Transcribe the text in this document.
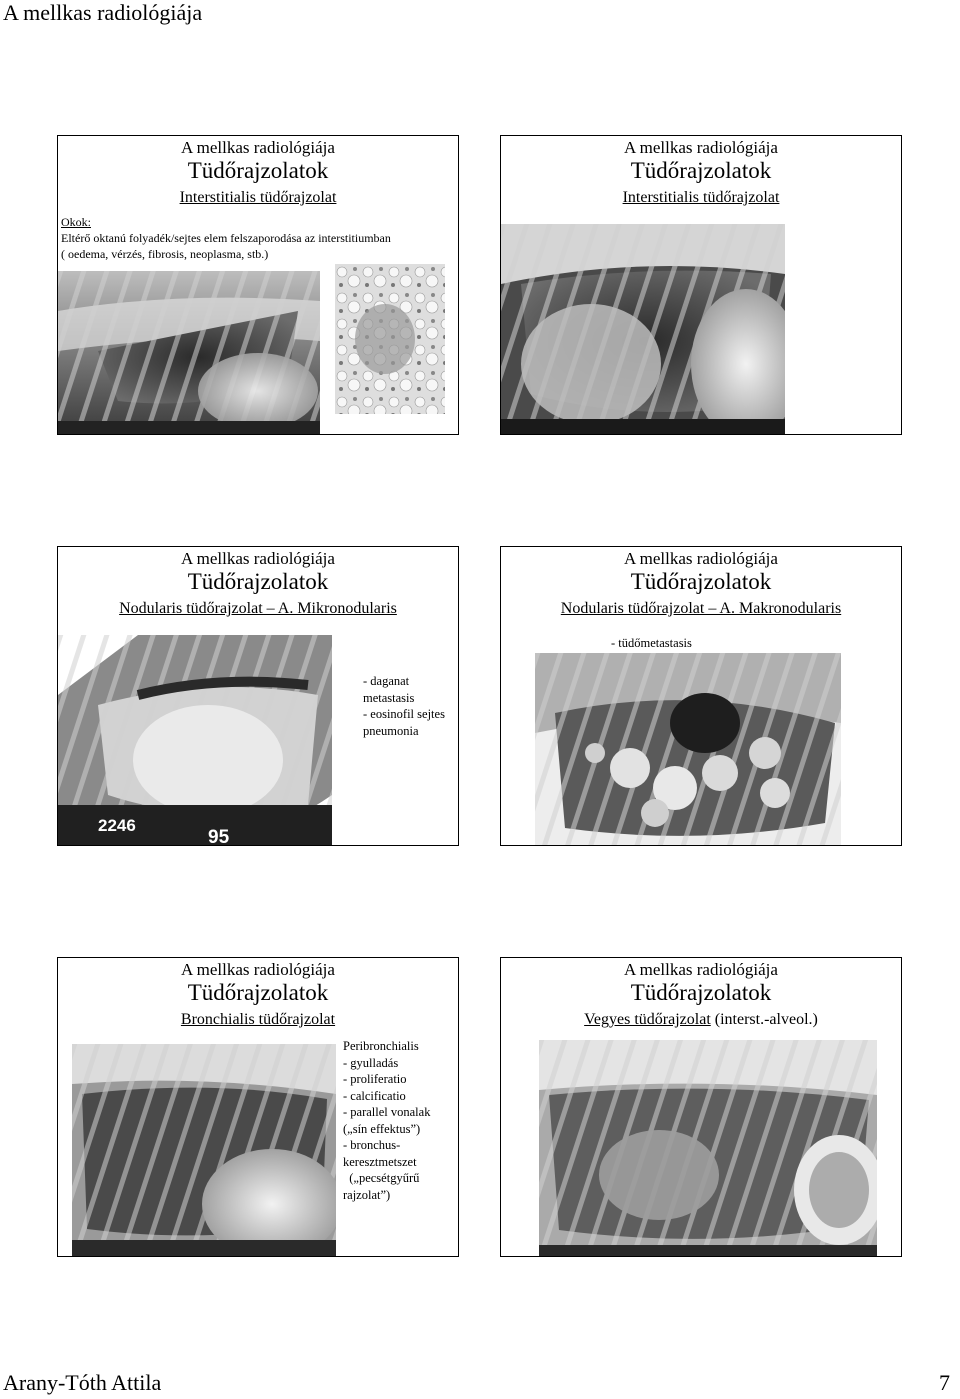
A mellkas radiológiája
A mellkas radiológiája
Tüdőrajzolatok
Interstitialis tüdőrajzolat
Okok:
Eltérő oktanú folyadék/sejtes elem felszaporodása az interstitiumban
( oedema, vérzés, fibrosis, neoplasma, stb.)
A mellkas radiológiája
Tüdőrajzolatok
Interstitialis tüdőrajzolat
A mellkas radiológiája
Tüdőrajzolatok
Nodularis tüdőrajzolat – A. Mikronodularis
2246
95
- daganat
metastasis
- eosinofil sejtes
pneumonia
A mellkas radiológiája
Tüdőrajzolatok
Nodularis tüdőrajzolat – A. Makronodularis
- tüdőmetastasis
A mellkas radiológiája
Tüdőrajzolatok
Bronchialis tüdőrajzolat
Peribronchialis
- gyulladás
- proliferatio
- calcificatio
- parallel vonalak
(„sín effektus”)
- bronchus-
keresztmetszet
(„pecsétgyűrű
rajzolat”)
A mellkas radiológiája
Tüdőrajzolatok
Vegyes tüdőrajzolat (interst.-alveol.)
Arany-Tóth Attila	7
